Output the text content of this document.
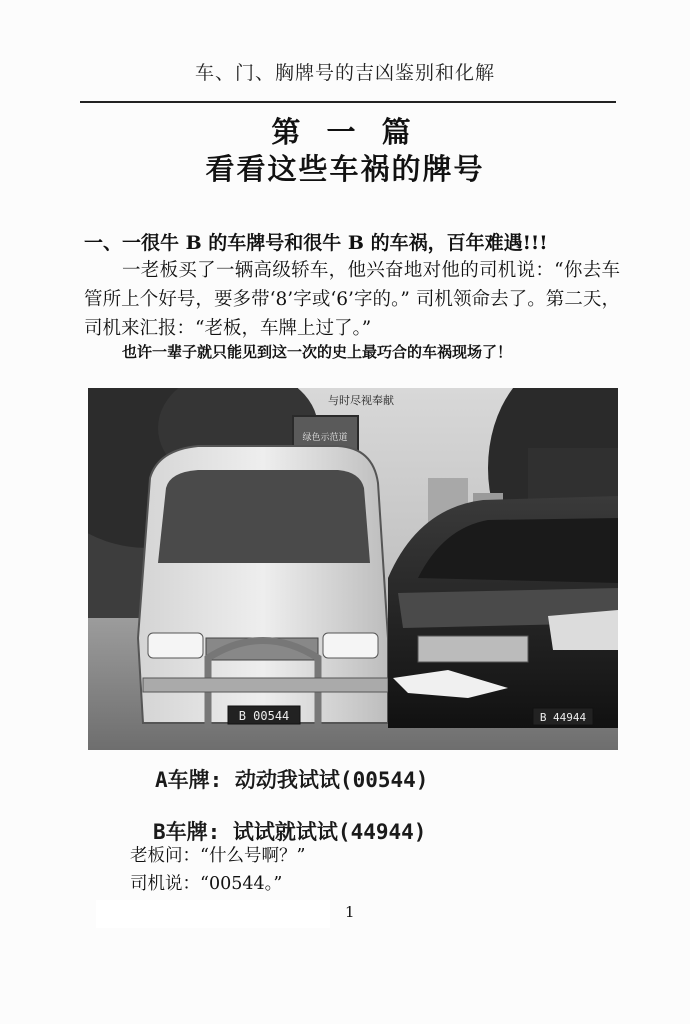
车、门、胸牌号的吉凶鉴别和化解
第 一 篇
看看这些车祸的牌号
一、一很牛 B 的车牌号和很牛 B 的车祸，百年难遇!!!
一老板买了一辆高级轿车，他兴奋地对他的司机说：“你去车管所上个好号，要多带‘8’字或‘6’字的。” 司机领命去了。第二天，司机来汇报：“老板，车牌上过了。”
也许一辈子就只能见到这一次的史上最巧合的车祸现场了！
绿色示范道
与时尽视奉献
B 00544	B 44944
A车牌: 动动我试试(00544)
B车牌: 试试就试试(44944)
老板问：“什么号啊？”
司机说：“00544。”
1
